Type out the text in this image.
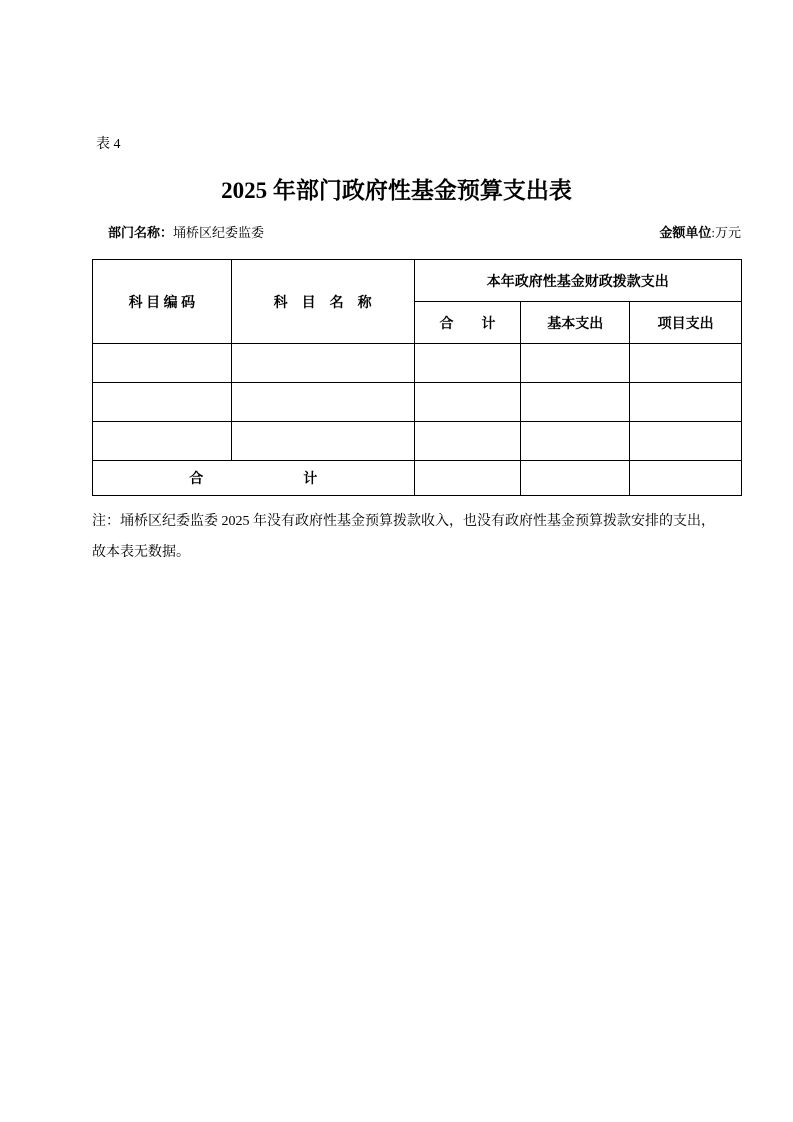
表 4
2025 年部门政府性基金预算支出表
部门名称：埇桥区纪委监委	金额单位:万元
科 目 编 码	科　目　名　称	本年政府性基金财政拨款支出		
		合　　计	基本支出	项目支出

合 计				
注：埇桥区纪委监委 2025 年没有政府性基金预算拨款收入，也没有政府性基金预算拨款安排的支出，
故本表无数据。
